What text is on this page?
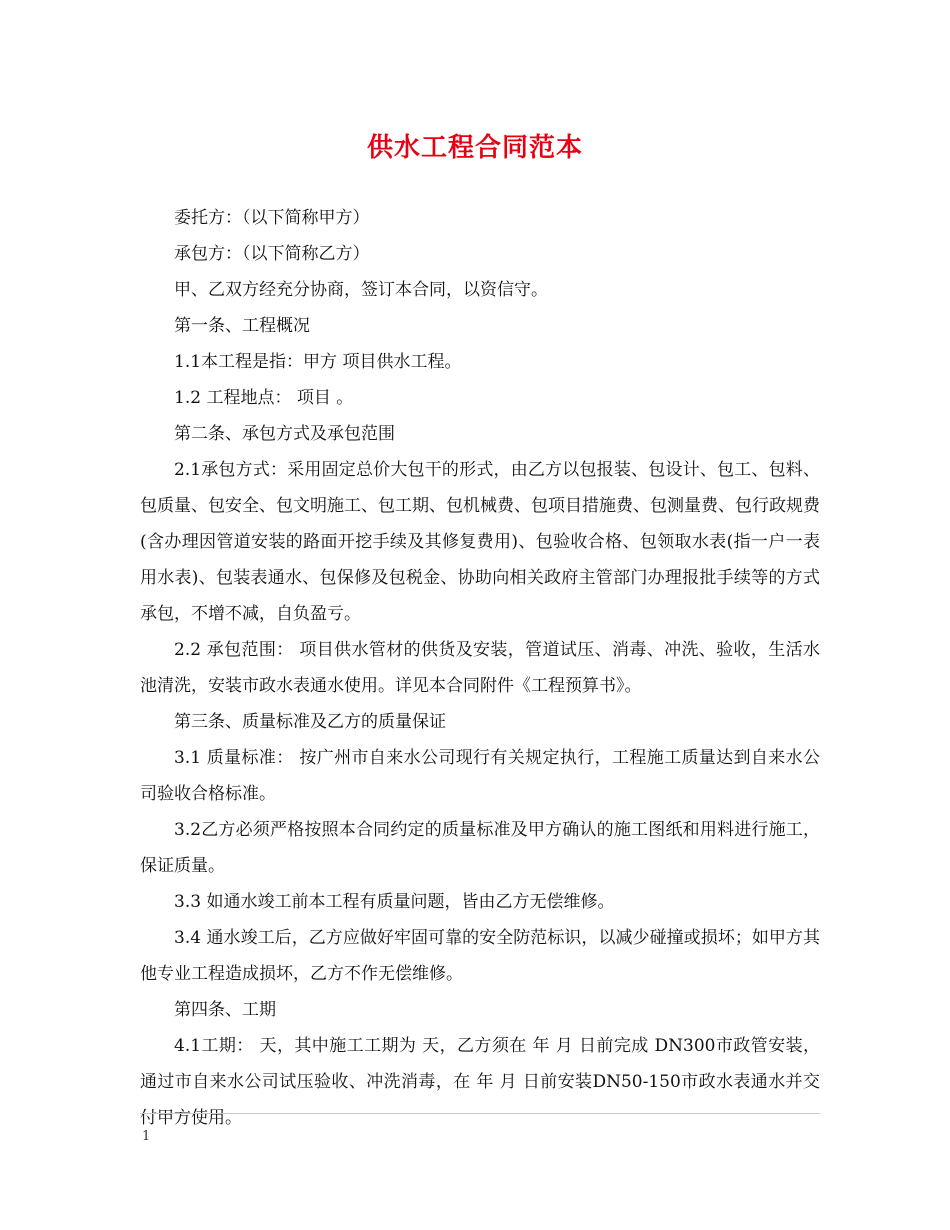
供水工程合同范本

委托方：（以下简称甲方）

承包方：（以下简称乙方）

甲、乙双方经充分协商，签订本合同，以资信守。

第一条、工程概况

1.1本工程是指：甲方 项目供水工程。

1.2 工程地点： 项目 。

第二条、承包方式及承包范围

2.1承包方式：采用固定总价大包干的形式，由乙方以包报装、包设计、包工、包料、包质量、包安全、包文明施工、包工期、包机械费、包项目措施费、包测量费、包行政规费(含办理因管道安装的路面开挖手续及其修复费用)、包验收合格、包领取水表(指一户一表用水表)、包装表通水、包保修及包税金、协助向相关政府主管部门办理报批手续等的方式承包，不增不减，自负盈亏。

2.2 承包范围： 项目供水管材的供货及安装，管道试压、消毒、冲洗、验收，生活水池清洗，安装市政水表通水使用。详见本合同附件《工程预算书》。

第三条、质量标准及乙方的质量保证

3.1 质量标准： 按广州市自来水公司现行有关规定执行，工程施工质量达到自来水公司验收合格标准。

3.2乙方必须严格按照本合同约定的质量标准及甲方确认的施工图纸和用料进行施工，保证质量。

3.3 如通水竣工前本工程有质量问题，皆由乙方无偿维修。

3.4 通水竣工后，乙方应做好牢固可靠的安全防范标识，以减少碰撞或损坏；如甲方其他专业工程造成损坏，乙方不作无偿维修。

第四条、工期

4.1工期： 天，其中施工工期为 天，乙方须在 年 月 日前完成 DN300市政管安装，通过市自来水公司试压验收、冲洗消毒，在 年 月 日前安装DN50-150市政水表通水并交付甲方使用。

1
